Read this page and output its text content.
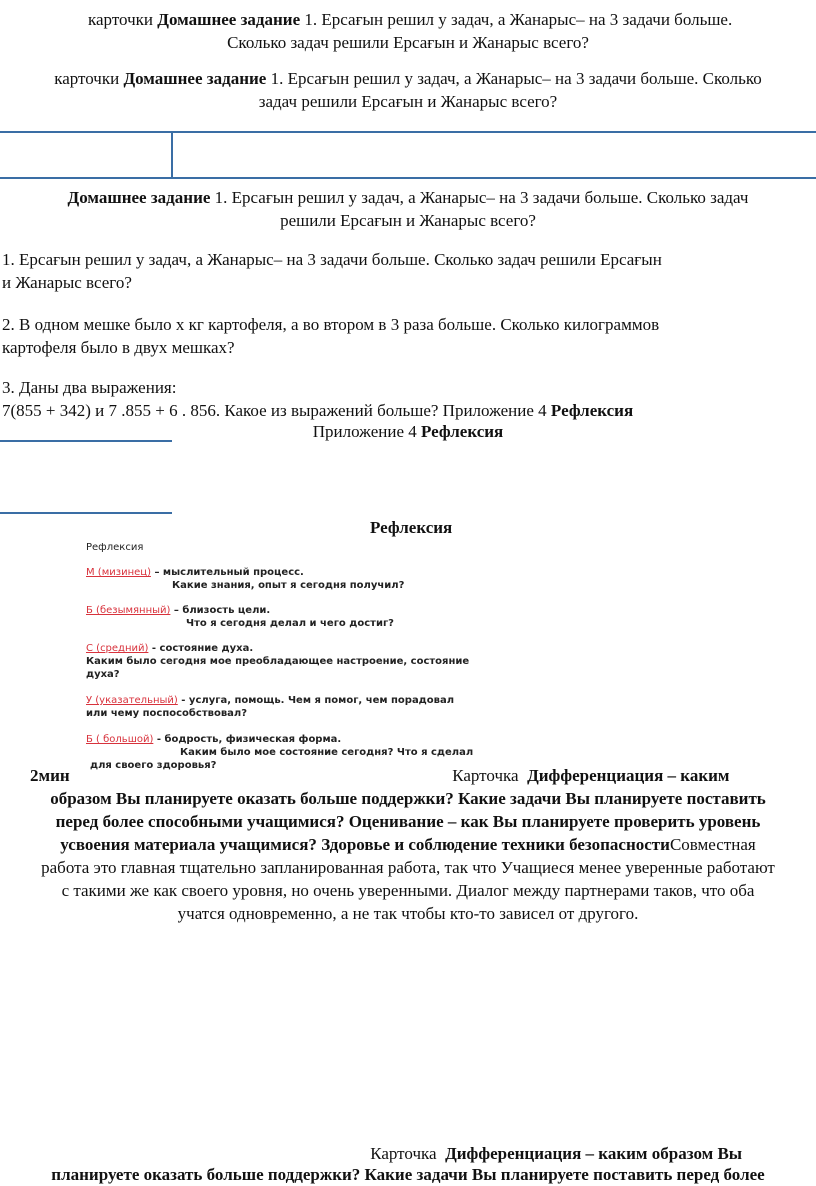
карточки Домашнее задание 1. Ерсағын решил у задач, а Жанарыс– на 3 задачи больше.
Сколько задач решили Ерсағын и Жанарыс всего?
карточки Домашнее задание 1. Ерсағын решил у задач, а Жанарыс– на 3 задачи больше. Сколько
задач решили Ерсағын и Жанарыс всего?
Домашнее задание 1. Ерсағын решил у задач, а Жанарыс– на 3 задачи больше. Сколько задач
решили Ерсағын и Жанарыс всего?
1. Ерсағын решил у задач, а Жанарыс– на 3 задачи больше. Сколько задач решили Ерсағын
и Жанарыс всего?
2. В одном мешке было х кг картофеля, а во втором в 3 раза больше. Сколько килограммов
картофеля было в двух мешках?
3. Даны два выражения:
7(855 + 342) и 7 .855 + 6 . 856. Какое из выражений больше? Приложение 4 Рефлексия
Приложение 4 Рефлексия
Рефлексия
Рефлексия
М (мизинец) – мыслительный процесс.
Какие знания, опыт я сегодня получил?
Б (безымянный) – близость цели.
Что я сегодня делал и чего достиг?
С (средний) - состояние духа.
Каким было сегодня мое преобладающее настроение, состояние
духа?
У (указательный) - услуга, помощь. Чем я помог, чем порадовал
или чему поспособствовал?
Б ( большой) - бодрость, физическая форма.
Каким было мое состояние сегодня? Что я сделал
для своего здоровья?
2мин	Карточка Дифференциация – каким
образом Вы планируете оказать больше поддержки? Какие задачи Вы планируете поставить
перед более способными учащимися? Оценивание – как Вы планируете проверить уровень
усвоения материала учащимися? Здоровье и соблюдение техники безопасностиСовместная
работа это главная тщательно запланированная работа, так что Учащиеся менее уверенные работают
с такими же как своего уровня, но очень уверенными. Диалог между партнерами таков, что оба
учатся одновременно, а не так чтобы кто-то зависел от другого.
Карточка Дифференциация – каким образом Вы
планируете оказать больше поддержки? Какие задачи Вы планируете поставить перед более
